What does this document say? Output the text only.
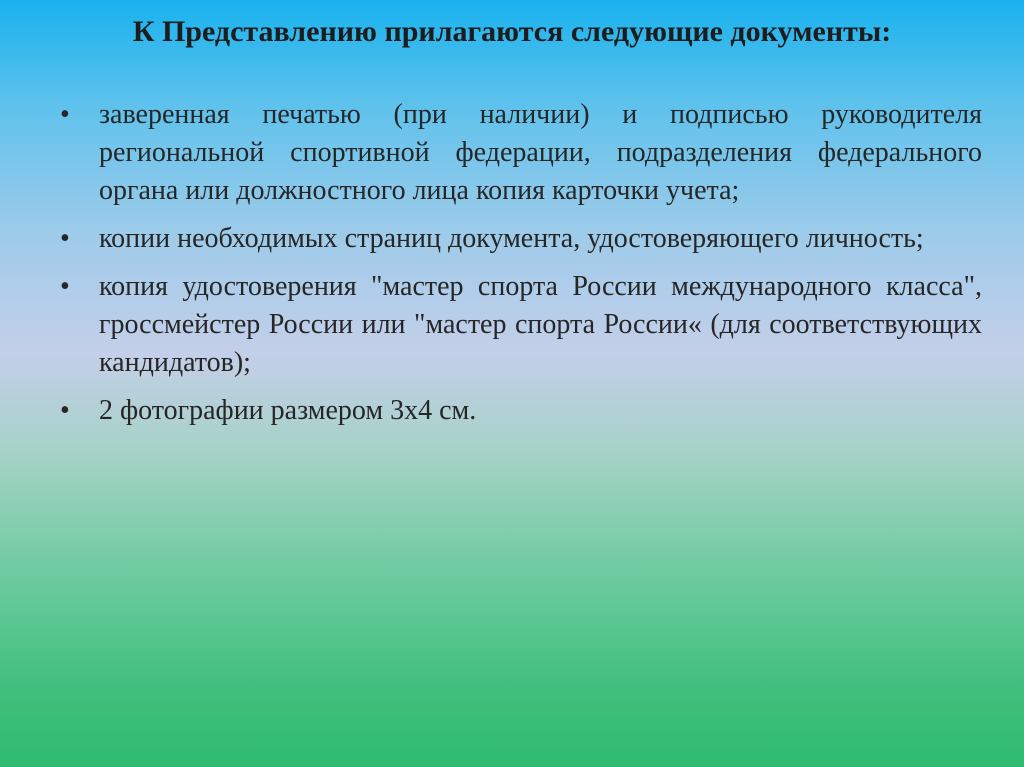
К Представлению прилагаются следующие документы:
• заверенная печатью (при наличии) и подписью руководителя региональной спортивной федерации, подразделения федерального органа или должностного лица копия карточки учета;
• копии необходимых страниц документа, удостоверяющего личность;
• копия удостоверения "мастер спорта России международного класса", гроссмейстер России или "мастер спорта России« (для соответствующих кандидатов);
• 2 фотографии размером 3х4 см.
